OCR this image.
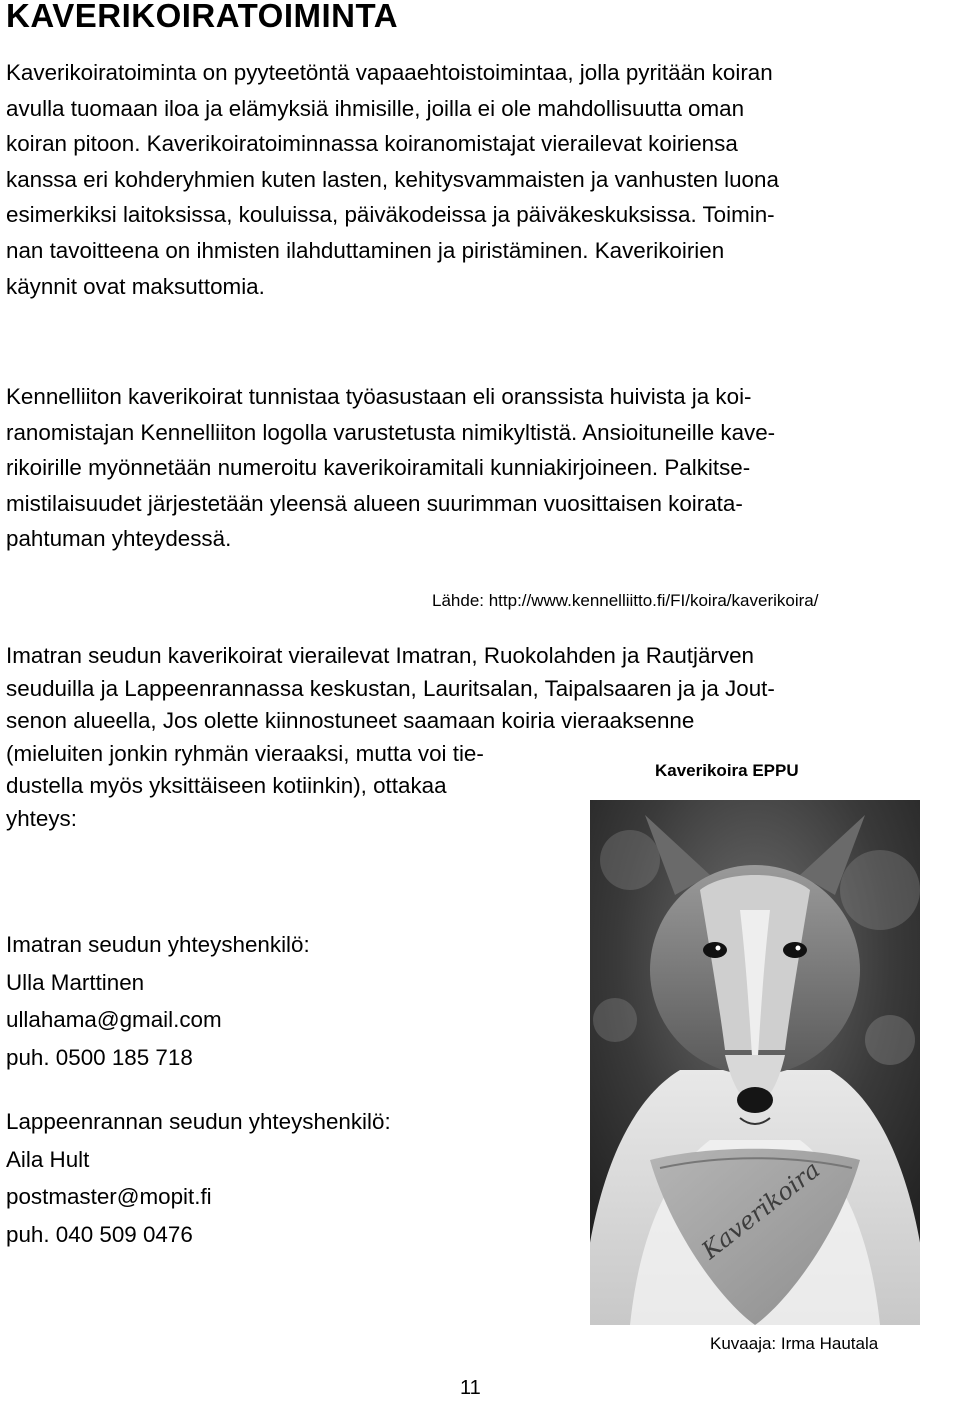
KAVERIKOIRATOIMINTA

Kaverikoiratoiminta on pyyteetöntä vapaaehtoistoimintaa, jolla pyritään koiran
avulla tuomaan iloa ja elämyksiä ihmisille, joilla ei ole mahdollisuutta oman
koiran pitoon. Kaverikoiratoiminnassa koiranomistajat vierailevat koiriensa
kanssa eri kohderyhmien kuten lasten, kehitysvammaisten ja vanhusten luona
esimerkiksi laitoksissa, kouluissa, päiväkodeissa ja päiväkeskuksissa. Toimin-
nan tavoitteena on ihmisten ilahduttaminen ja piristäminen. Kaverikoirien
käynnit ovat maksuttomia.

Kennelliiton kaverikoirat tunnistaa työasustaan eli oranssista huivista ja koi-
ranomistajan Kennelliiton logolla varustetusta nimikyltistä. Ansioituneille kave-
rikoirille myönnetään numeroitu kaverikoiramitali kunniakirjoineen. Palkitse-
mistilaisuudet järjestetään yleensä alueen suurimman vuosittaisen koirata-
pahtuman yhteydessä.

Lähde: http://www.kennelliitto.fi/FI/koira/kaverikoira/
Imatran seudun kaverikoirat vierailevat Imatran, Ruokolahden ja Rautjärven
seuduilla ja Lappeenrannassa keskustan, Lauritsalan, Taipalsaaren ja ja Jout-
senon alueella, Jos olette kiinnostuneet saamaan koiria vieraaksenne
(mieluiten jonkin ryhmän vieraaksi, mutta voi tie-
dustella myös yksittäiseen kotiinkin), ottakaa
yhteys:
Kaverikoira EPPU
Kaverikoira
Imatran seudun yhteyshenkilö:
Ulla Marttinen
ullahama@gmail.com
puh. 0500 185 718
Lappeenrannan seudun yhteyshenkilö:
Aila Hult
postmaster@mopit.fi
puh. 040 509 0476
Kuvaaja: Irma Hautala
11
